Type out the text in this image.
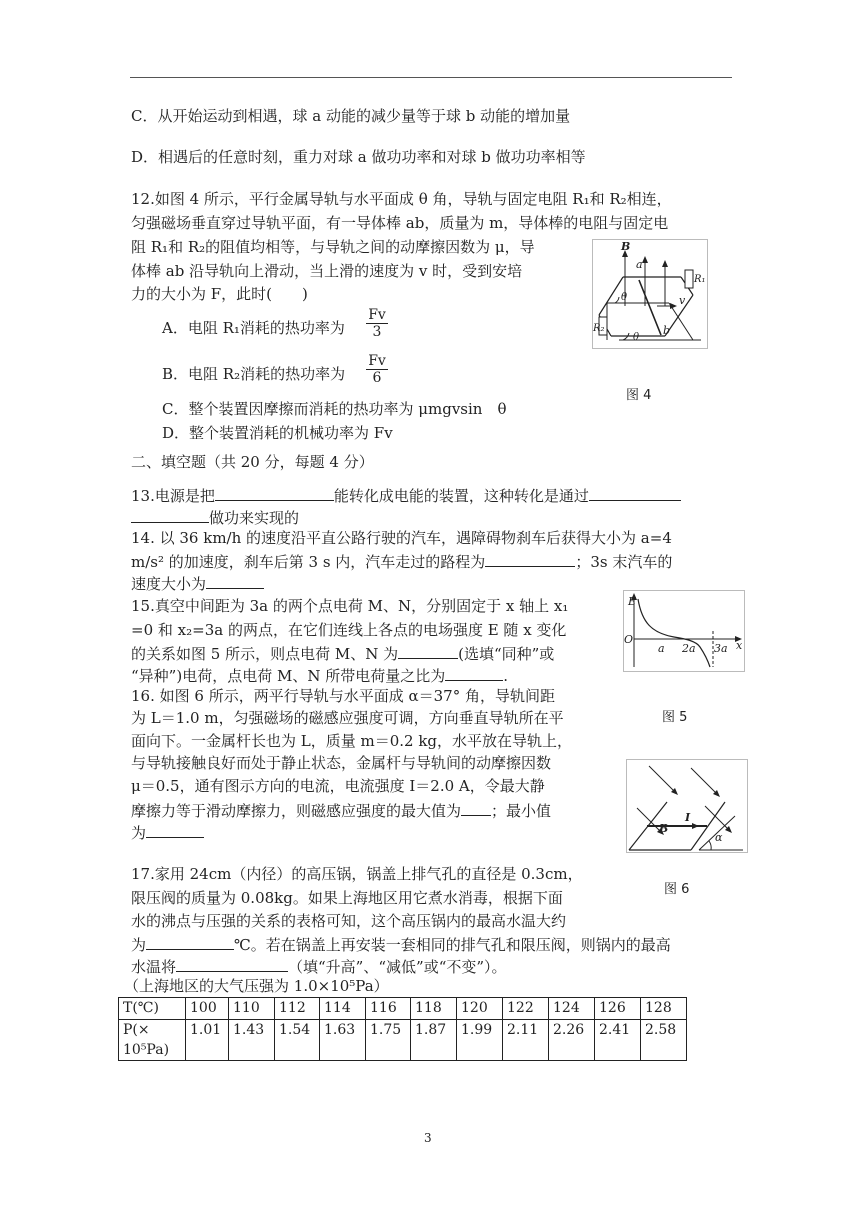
C．从开始运动到相遇，球 a 动能的减少量等于球 b 动能的增加量
D．相遇后的任意时刻，重力对球 a 做功功率和对球 b 做功功率相等
12.如图 4 所示，平行金属导轨与水平面成 θ 角，导轨与固定电阻 R₁和 R₂相连，
匀强磁场垂直穿过导轨平面，有一导体棒 ab，质量为 m，导体棒的电阻与固定电
阻 R₁和 R₂的阻值均相等，与导轨之间的动摩擦因数为 μ，导
体棒 ab 沿导轨向上滑动，当上滑的速度为 v 时，受到安培
力的大小为 F，此时(　　)
A．电阻 R₁消耗的热功率为 $\frac{Fv}{3}$
B．电阻 R₂消耗的热功率为 $\frac{Fv}{6}$
C．整个装置因摩擦而消耗的热功率为 μmgvsin　θ
D．整个装置消耗的机械功率为 Fv
B
a
b
v
R₁
R₂
θ
θ
图 4
二、填空题（共 20 分，每题 4 分）
13.电源是把	能转化成电能的装置，这种转化是通过
做功来实现的
14. 以 36 km/h 的速度沿平直公路行驶的汽车，遇障碍物刹车后获得大小为 a=4
m/s² 的加速度，刹车后第 3 s 内，汽车走过的路程为	；3s 末汽车的
速度大小为
15.真空中间距为 3a 的两个点电荷 M、N，分别固定于 x 轴上 x₁
=0 和 x₂=3a 的两点，在它们连线上各点的电场强度 E 随 x 变化
的关系如图 5 所示，则点电荷 M、N 为	(选填“同种”或
“异种”)电荷，点电荷 M、N 所带电荷量之比为	.
E
O	x
a 2a 3a
图 5
16. 如图 6 所示，两平行导轨与水平面成 α＝37° 角，导轨间距
为 L＝1.0 m，匀强磁场的磁感应强度可调，方向垂直导轨所在平
面向下。一金属杆长也为 L，质量 m＝0.2 kg，水平放在导轨上，
与导轨接触良好而处于静止状态，金属杆与导轨间的动摩擦因数
μ＝0.5，通有图示方向的电流，电流强度 I＝2.0 A，令最大静
摩擦力等于滑动摩擦力，则磁感应强度的最大值为 ；最小值
为
I
B
α
图 6
17.家用 24cm（内径）的高压锅，锅盖上排气孔的直径是 0.3cm，
限压阀的质量为 0.08kg。如果上海地区用它煮水消毒，根据下面
水的沸点与压强的关系的表格可知，这个高压锅内的最高水温大约
为	℃。若在锅盖上再安装一套相同的排气孔和限压阀，则锅内的最高
水温将	（填“升高”、“减低”或“不变”）。
（上海地区的大气压强为 1.0×10⁵Pa）
T(℃)	100	110	112	114	116	118	120	122	124	126	128
P(×
10⁵Pa)	1.01	1.43	1.54	1.63	1.75	1.87	1.99	2.11	2.26	2.41	2.58
3
